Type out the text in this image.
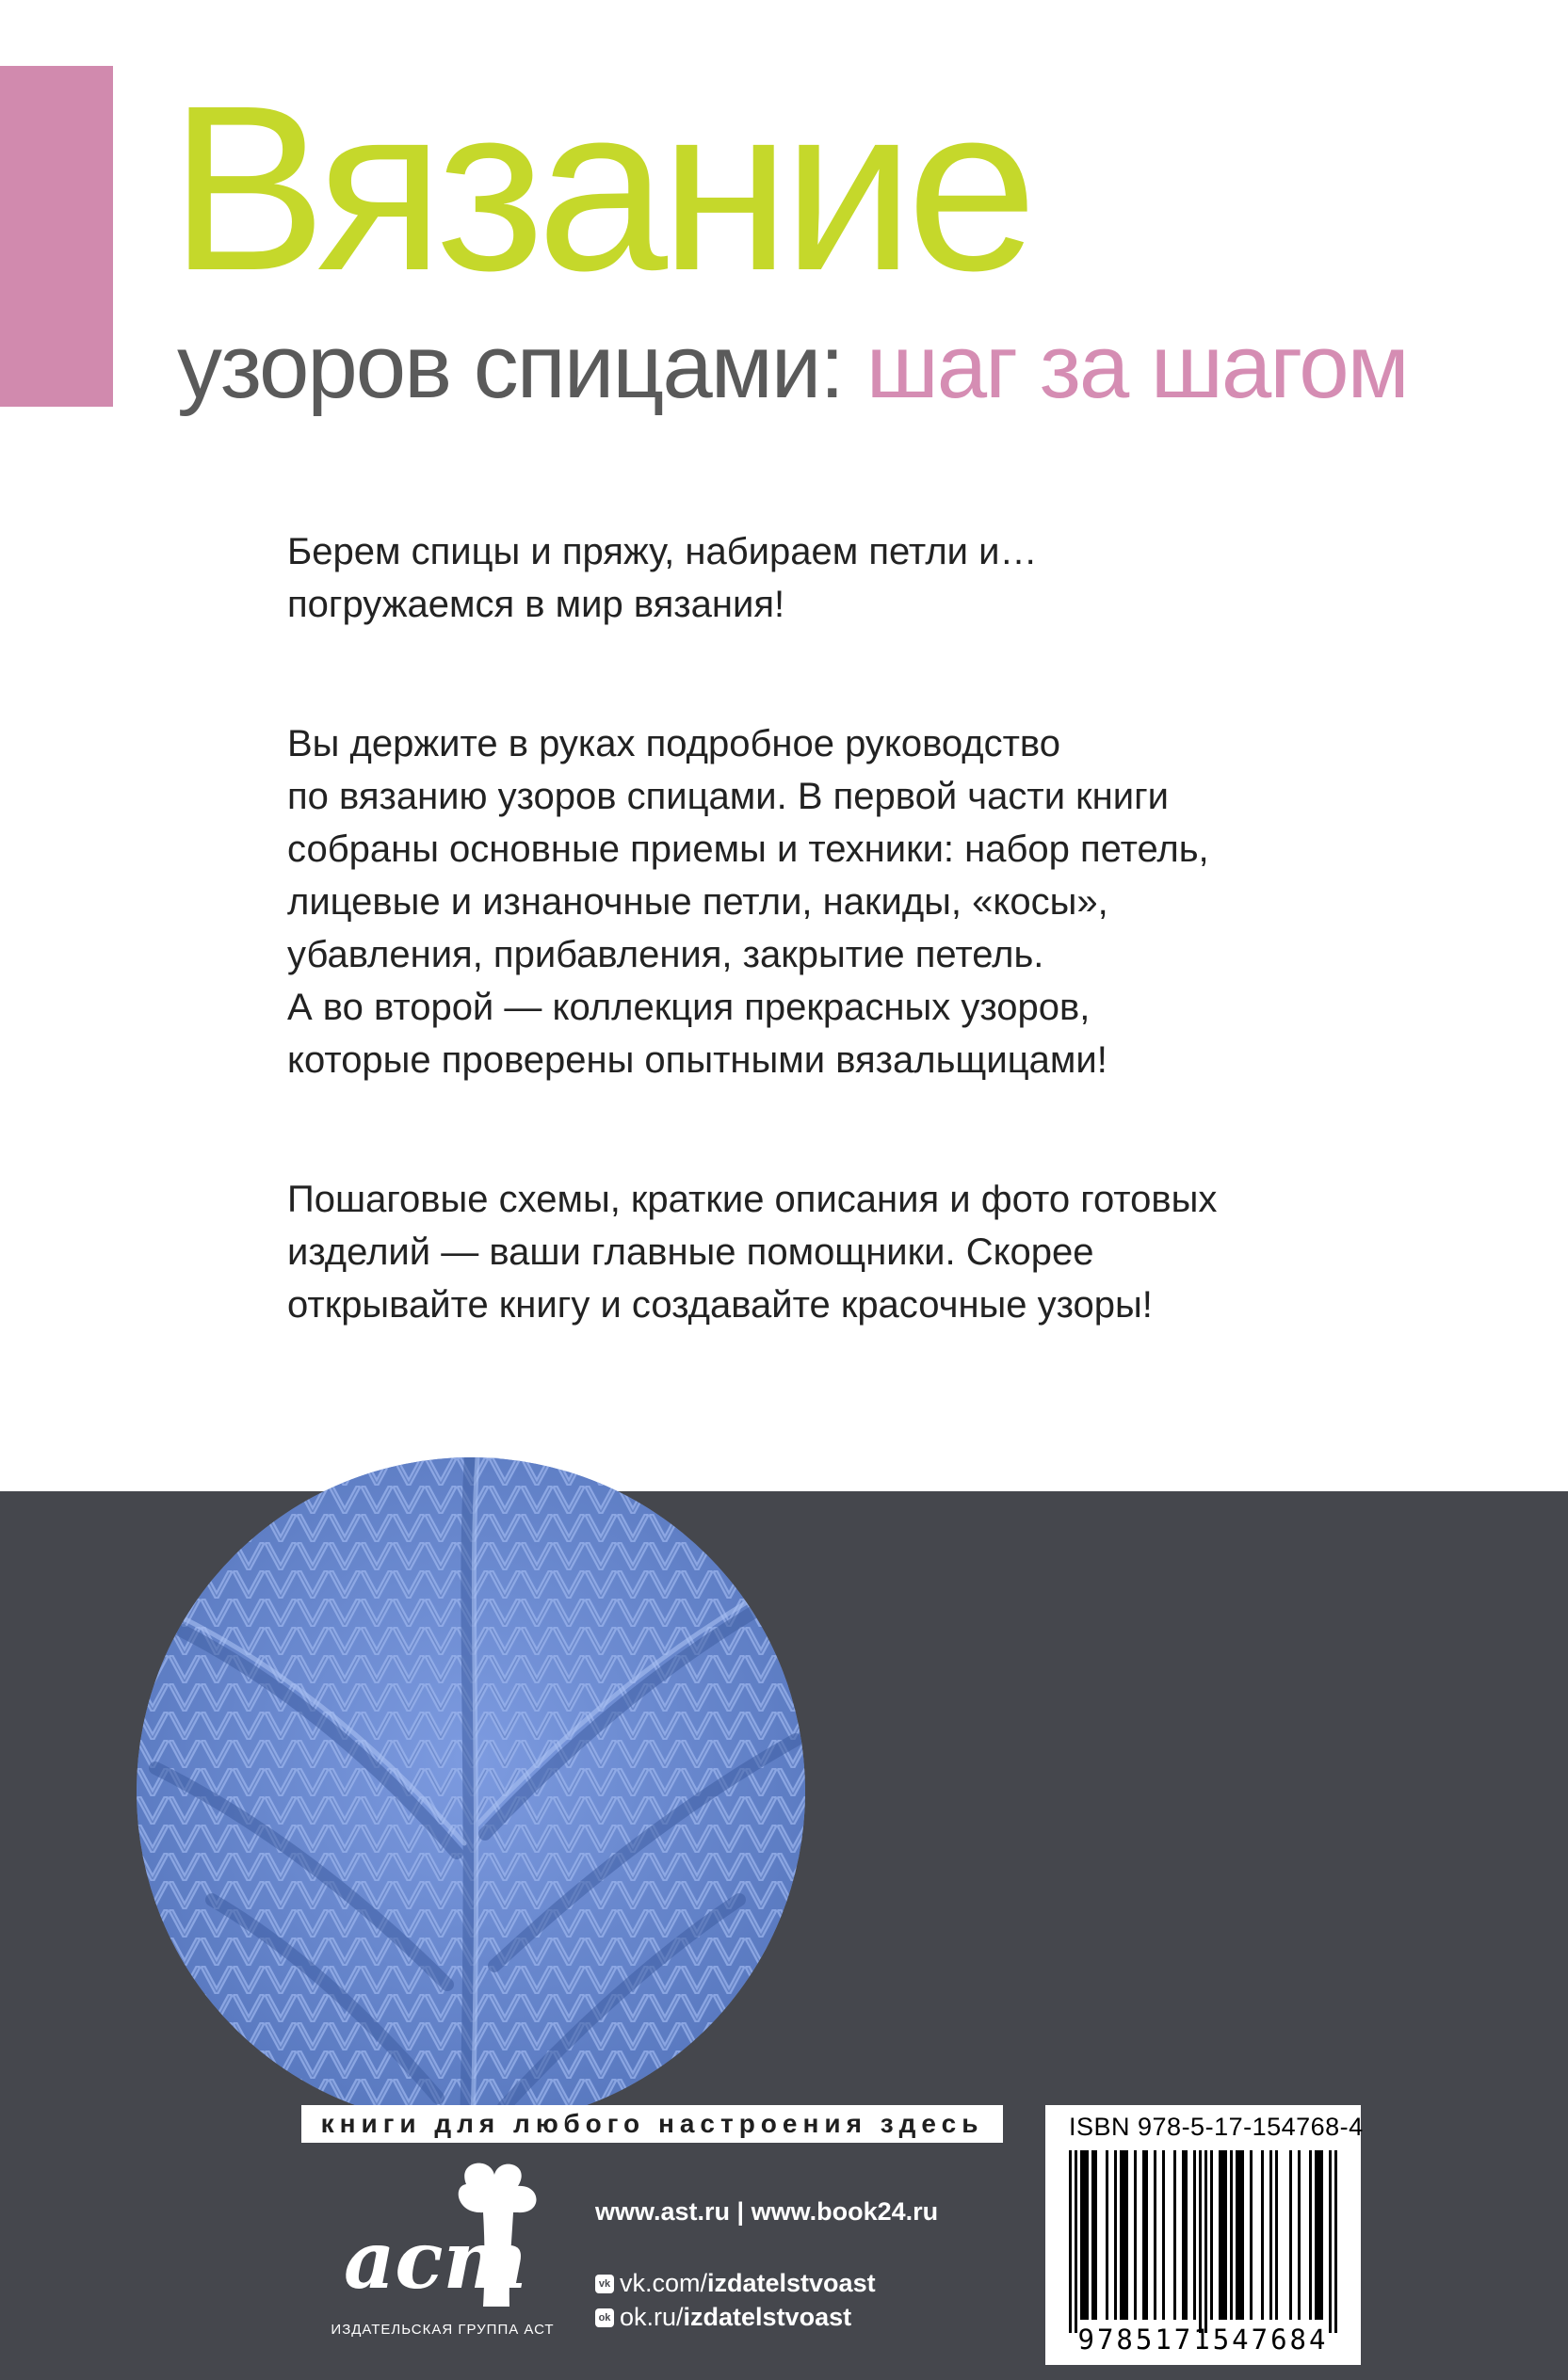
Вязание

узоров спицами: шаг за шагом

Берем спицы и пряжу, набираем петли и…
погружаемся в мир вязания!

Вы держите в руках подробное руководство
по вязанию узоров спицами. В первой части книги
собраны основные приемы и техники: набор петель,
лицевые и изнаночные петли, накиды, «косы»,
убавления, прибавления, закрытие петель.
А во второй — коллекция прекрасных узоров,
которые проверены опытными вязальщицами!

Пошаговые схемы, краткие описания и фото готовых
изделий — ваши главные помощники. Скорее
открывайте книгу и создавайте красочные узоры!

книги для любого настроения здесь
аст

ИЗДАТЕЛЬСКАЯ ГРУППА АСТ

www.ast.ru | www.book24.ru
vk vk.com/izdatelstvoast
ok ok.ru/izdatelstvoast

ISBN 978-5-17-154768-4

9785171547684
